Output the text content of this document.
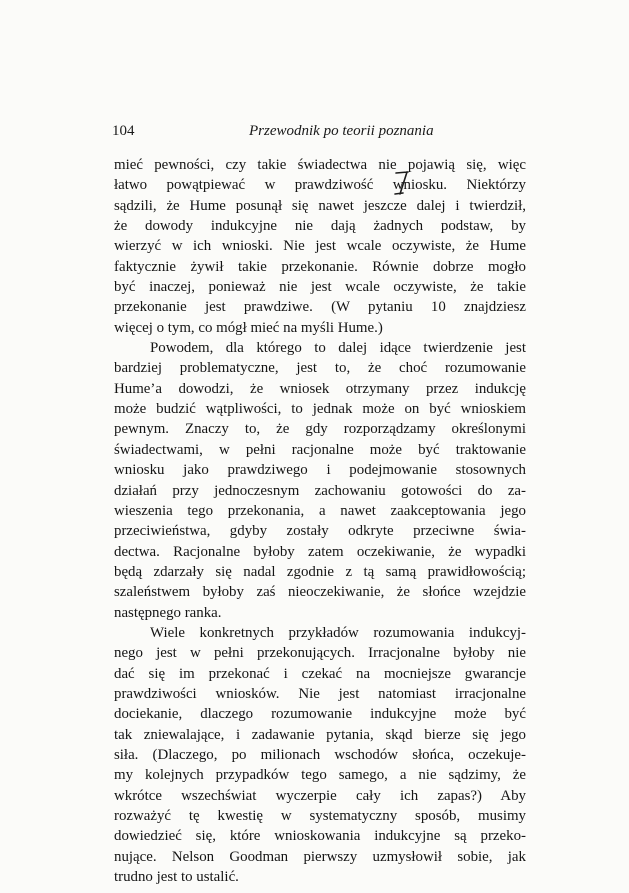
104	Przewodnik po teorii poznania

mieć pewności, czy takie świadectwa nie pojawią się, więc
łatwo powątpiewać w prawdziwość wniosku. Niektórzy
sądzili, że Hume posunął się nawet jeszcze dalej i twierdził,
że dowody indukcyjne nie dają żadnych podstaw, by
wierzyć w ich wnioski. Nie jest wcale oczywiste, że Hume
faktycznie żywił takie przekonanie. Równie dobrze mogło
być inaczej, ponieważ nie jest wcale oczywiste, że takie
przekonanie jest prawdziwe. (W pytaniu 10 znajdziesz
więcej o tym, co mógł mieć na myśli Hume.)

Powodem, dla którego to dalej idące twierdzenie jest
bardziej problematyczne, jest to, że choć rozumowanie
Hume’a dowodzi, że wniosek otrzymany przez indukcję
może budzić wątpliwości, to jednak może on być wnioskiem
pewnym. Znaczy to, że gdy rozporządzamy określonymi
świadectwami, w pełni racjonalne może być traktowanie
wniosku jako prawdziwego i podejmowanie stosownych
działań przy jednoczesnym zachowaniu gotowości do za-
wieszenia tego przekonania, a nawet zaakceptowania jego
przeciwieństwa, gdyby zostały odkryte przeciwne świa-
dectwa. Racjonalne byłoby zatem oczekiwanie, że wypadki
będą zdarzały się nadal zgodnie z tą samą prawidłowością;
szaleństwem byłoby zaś nieoczekiwanie, że słońce wzejdzie
następnego ranka.

Wiele konkretnych przykładów rozumowania indukcyj-
nego jest w pełni przekonujących. Irracjonalne byłoby nie
dać się im przekonać i czekać na mocniejsze gwarancje
prawdziwości wniosków. Nie jest natomiast irracjonalne
dociekanie, dlaczego rozumowanie indukcyjne może być
tak zniewalające, i zadawanie pytania, skąd bierze się jego
siła. (Dlaczego, po milionach wschodów słońca, oczekuje-
my kolejnych przypadków tego samego, a nie sądzimy, że
wkrótce wszechświat wyczerpie cały ich zapas?) Aby
rozważyć tę kwestię w systematyczny sposób, musimy
dowiedzieć się, które wnioskowania indukcyjne są przeko-
nujące. Nelson Goodman pierwszy uzmysłowił sobie, jak
trudno jest to ustalić.
